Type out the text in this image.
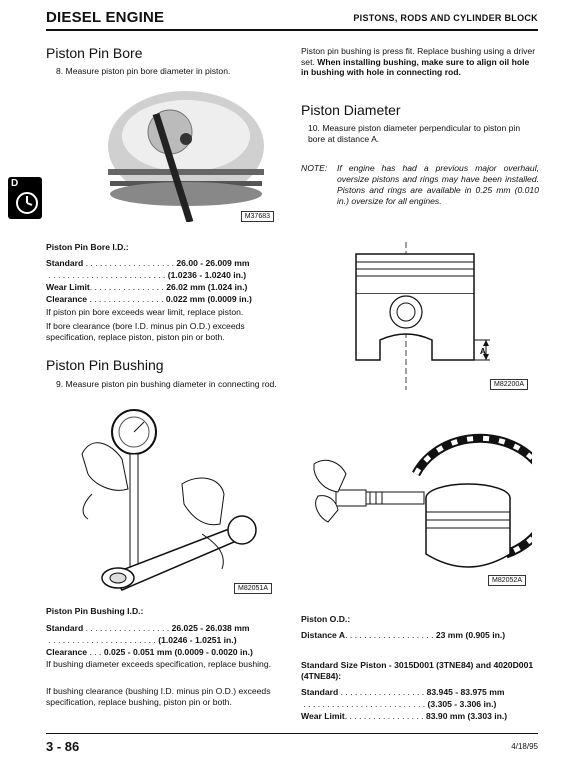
DIESEL ENGINE	PISTONS, RODS AND CYLINDER BLOCK
D
Piston Pin Bore
8. Measure piston pin bore diameter in piston.
M37683
Piston Pin Bore I.D.:
Standard . . . . . . . . . . . . . . . . . . . 26.00 - 26.009 mm
. . . . . . . . . . . . . . . . . . . . . . . . . (1.0236 - 1.0240 in.)
Wear Limit. . . . . . . . . . . . . . . . 26.02 mm (1.024 in.)
Clearance . . . . . . . . . . . . . . . . 0.022 mm (0.0009 in.)
If piston pin bore exceeds wear limit, replace piston.
If bore clearance (bore I.D. minus pin O.D.) exceeds specification, replace piston, piston pin or both.
Piston Pin Bushing
9. Measure piston pin bushing diameter in connecting rod.
M82051A
Piston Pin Bushing I.D.:
Standard . . . . . . . . . . . . . . . . . . 26.025 - 26.038 mm
. . . . . . . . . . . . . . . . . . . . . . . (1.0246 - 1.0251 in.)
Clearance . . . 0.025 - 0.051 mm (0.0009 - 0.0020 in.)
If bushing diameter exceeds specification, replace bushing.
If bushing clearance (bushing I.D. minus pin O.D.) exceeds specification, replace bushing, piston pin or both.
Piston pin bushing is press fit. Replace bushing using a driver set. When installing bushing, make sure to align oil hole in bushing with hole in connecting rod.
Piston Diameter
10. Measure piston diameter perpendicular to piston pin bore at distance A.
NOTE: If engine has had a previous major overhaul, oversize pistons and rings may have been installed. Pistons and rings are available in 0.25 mm (0.010 in.) oversize for all engines.
A
M82200A
M82052A
Piston O.D.:
Distance A. . . . . . . . . . . . . . . . . . . 23 mm (0.905 in.)
Standard Size Piston - 3015D001 (3TNE84) and 4020D001 (4TNE84):
Standard . . . . . . . . . . . . . . . . . . 83.945 - 83.975 mm
. . . . . . . . . . . . . . . . . . . . . . . . . . (3.305 - 3.306 in.)
Wear Limit. . . . . . . . . . . . . . . . . 83.90 mm (3.303 in.)
3 - 86	4/18/95
